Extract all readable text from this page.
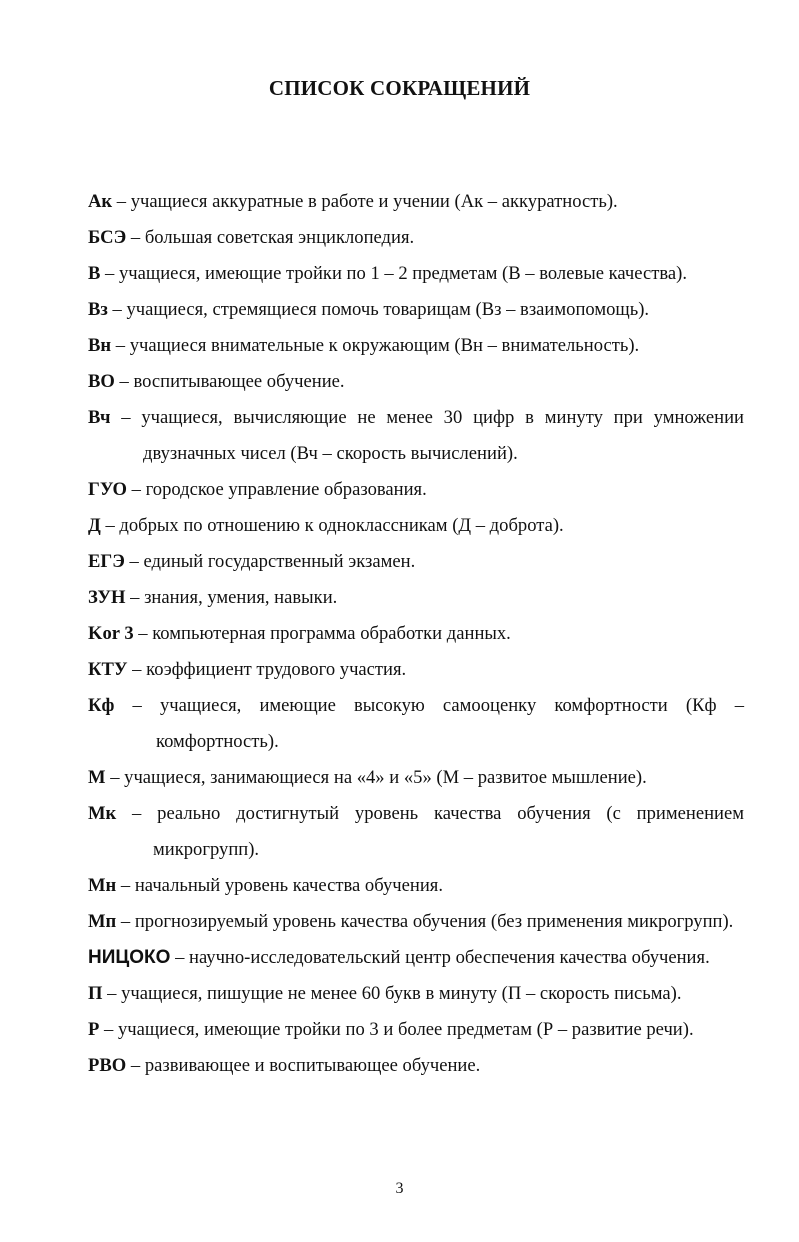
СПИСОК СОКРАЩЕНИЙ
Ак – учащиеся аккуратные в работе и учении (Ак – аккуратность).
БСЭ – большая советская энциклопедия.
В – учащиеся, имеющие тройки по 1 – 2 предметам (В – волевые качества).
Вз – учащиеся, стремящиеся помочь товарищам (Вз – взаимопомощь).
Вн – учащиеся внимательные к окружающим (Вн – внимательность).
ВО – воспитывающее обучение.
Вч – учащиеся, вычисляющие не менее 30 цифр в минуту при умножении двузначных чисел (Вч – скорость вычислений).
ГУО – городское управление образования.
Д – добрых по отношению к одноклассникам (Д – доброта).
ЕГЭ – единый государственный экзамен.
ЗУН – знания, умения, навыки.
Kor 3 – компьютерная программа обработки данных.
КТУ – коэффициент трудового участия.
Кф – учащиеся, имеющие высокую самооценку комфортности (Кф – комфортность).
М – учащиеся, занимающиеся на «4» и «5» (М – развитое мышление).
Мк – реально достигнутый уровень качества обучения (с применением микрогрупп).
Мн – начальный уровень качества обучения.
Мп – прогнозируемый уровень качества обучения (без применения микрогрупп).
НИЦОКО – научно-исследовательский центр обеспечения качества обучения.
П – учащиеся, пишущие не менее 60 букв в минуту (П – скорость письма).
Р – учащиеся, имеющие тройки по 3 и более предметам (Р – развитие речи).
РВО – развивающее и воспитывающее обучение.
3
